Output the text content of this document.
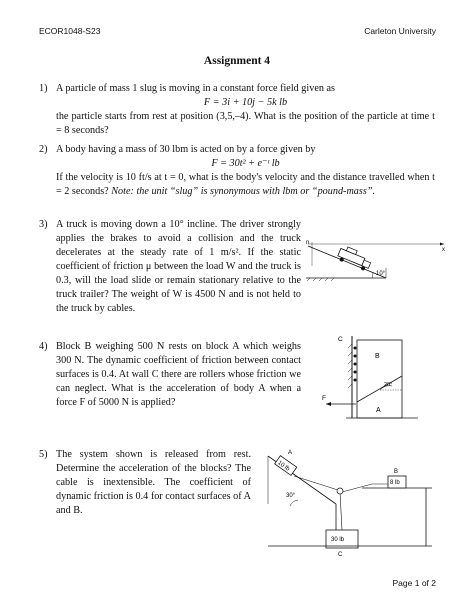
ECOR1048-S23	Carleton University
Assignment 4
1) A particle of mass 1 slug is moving in a constant force field given as
F = 3i + 10j − 5k lb
the particle starts from rest at position (3,5,–4). What is the position of the particle at time t = 8 seconds?
2) A body having a mass of 30 lbm is acted on by a force given by
F = 30t² + e⁻ᵗ lb
If the velocity is 10 ft/s at t = 0, what is the body's velocity and the distance travelled when t = 2 seconds? Note: the unit “slug” is synonymous with lbm or “pound-mass”.
3) A truck is moving down a 10° incline. The driver strongly applies the brakes to avoid a collision and the truck decelerates at the steady rate of 1 m/s². If the static coefficient of friction μ between the load W and the truck is 0.3, will the load slide or remain stationary relative to the truck trailer? The weight of W is 4500 N and is not held to the truck by cables.
4) Block B weighing 500 N rests on block A which weighs 300 N. The dynamic coefficient of friction between contact surfaces is 0.4. At wall C there are rollers whose friction we can neglect. What is the acceleration of body A when a force F of 5000 N is applied?
5) The system shown is released from rest. Determine the acceleration of the blocks? The cable is inextensible. The coefficient of dynamic friction is 0.4 for contact surfaces of A and B.
n
x
10°
C
B
A
20°
F
10 lb
A
30°
30 lb
C
8 lb
B
Page 1 of 2
